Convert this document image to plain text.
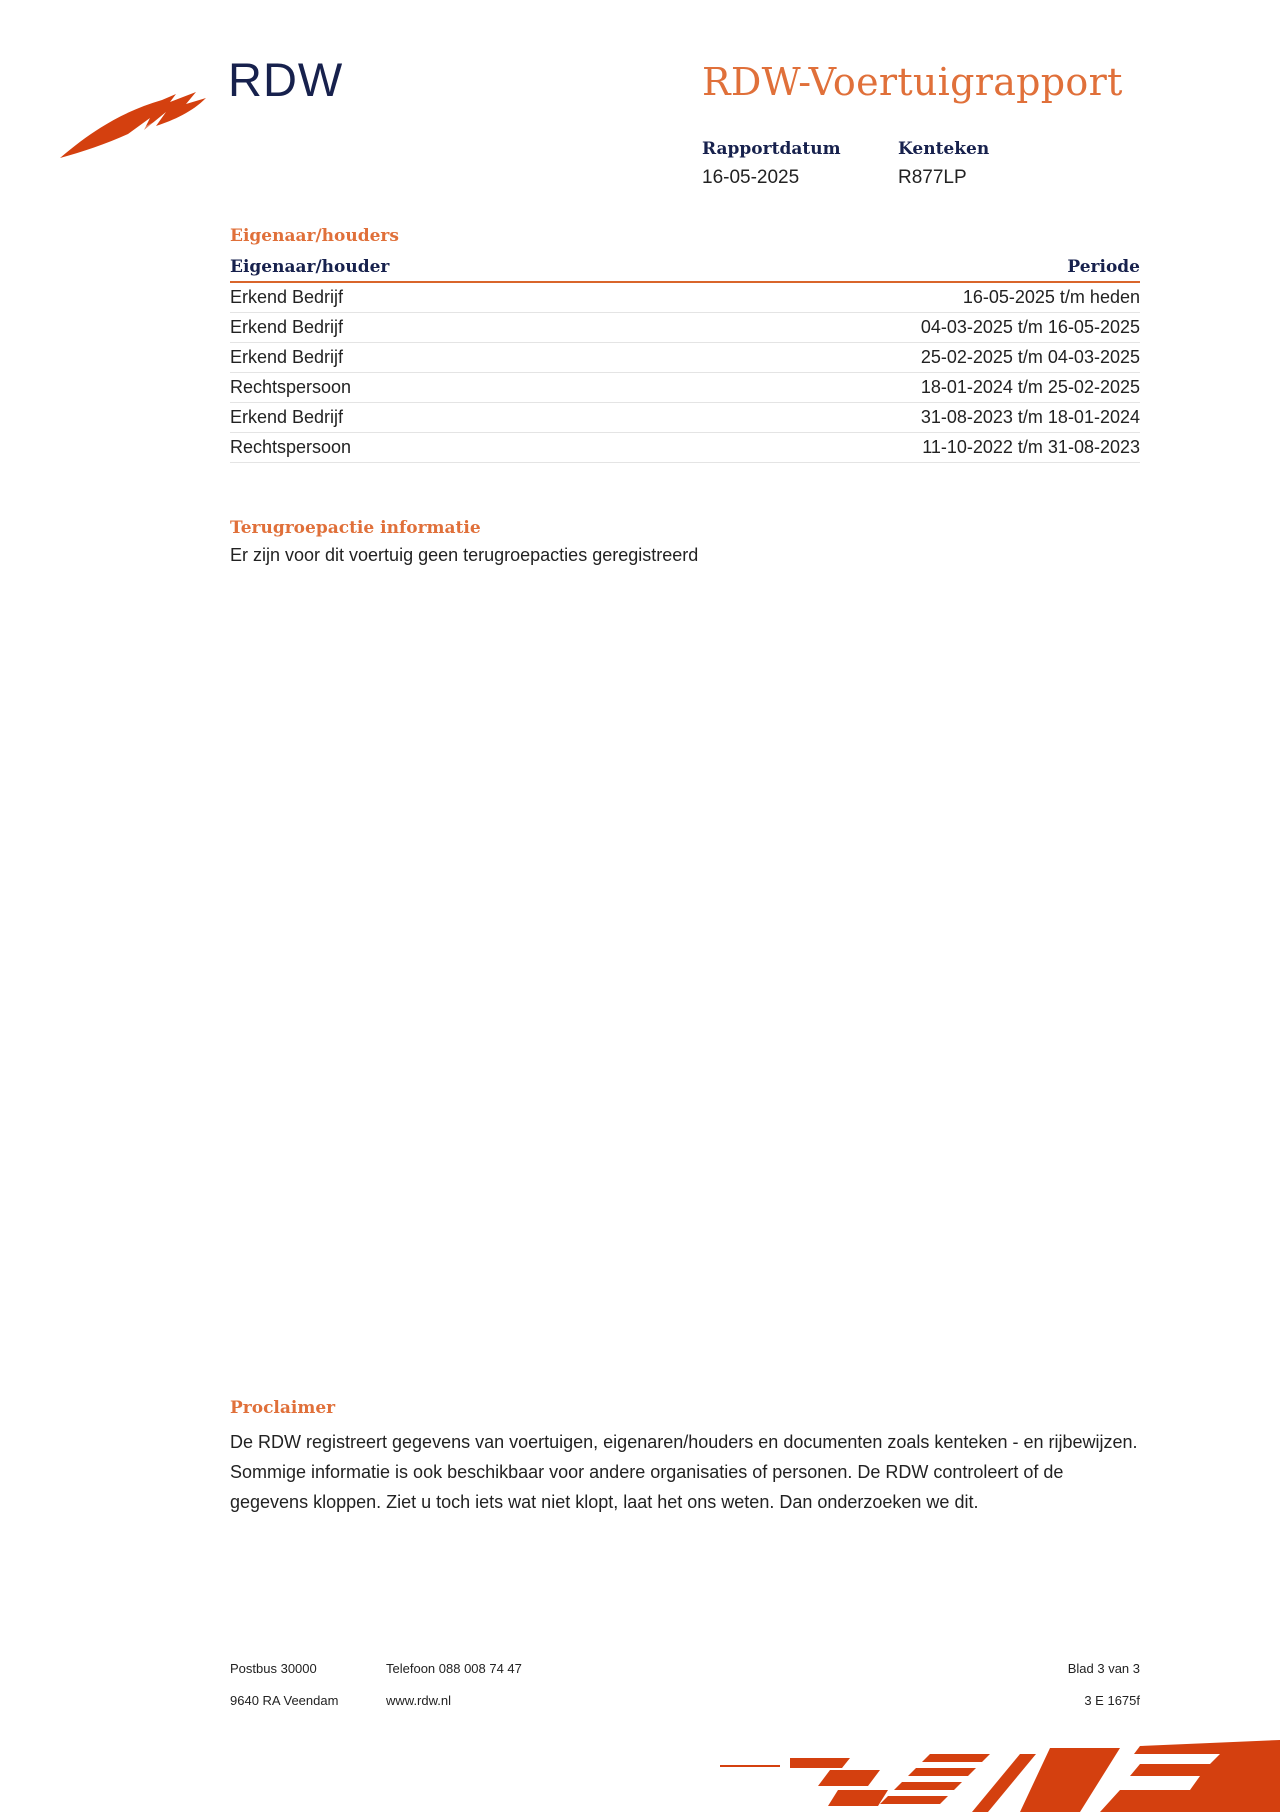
RDW	RDW-Voertuigrapport
Rapportdatum
16-05-2025
Kenteken
R877LP
Eigenaar/houders
Eigenaar/houder	Periode
Erkend Bedrijf	16-05-2025 t/m heden
Erkend Bedrijf	04-03-2025 t/m 16-05-2025
Erkend Bedrijf	25-02-2025 t/m 04-03-2025
Rechtspersoon	18-01-2024 t/m 25-02-2025
Erkend Bedrijf	31-08-2023 t/m 18-01-2024
Rechtspersoon	11-10-2022 t/m 31-08-2023
Terugroepactie informatie
Er zijn voor dit voertuig geen terugroepacties geregistreerd
Proclaimer

De RDW registreert gegevens van voertuigen, eigenaren/houders en documenten zoals kenteken - en rijbewijzen. Sommige informatie is ook beschikbaar voor andere organisaties of personen. De RDW controleert of de gegevens kloppen. Ziet u toch iets wat niet klopt, laat het ons weten. Dan onderzoeken we dit.

Postbus 30000
9640 RA Veendam
Telefoon 088 008 74 47
www.rdw.nl
Blad 3 van 3
3 E 1675f
